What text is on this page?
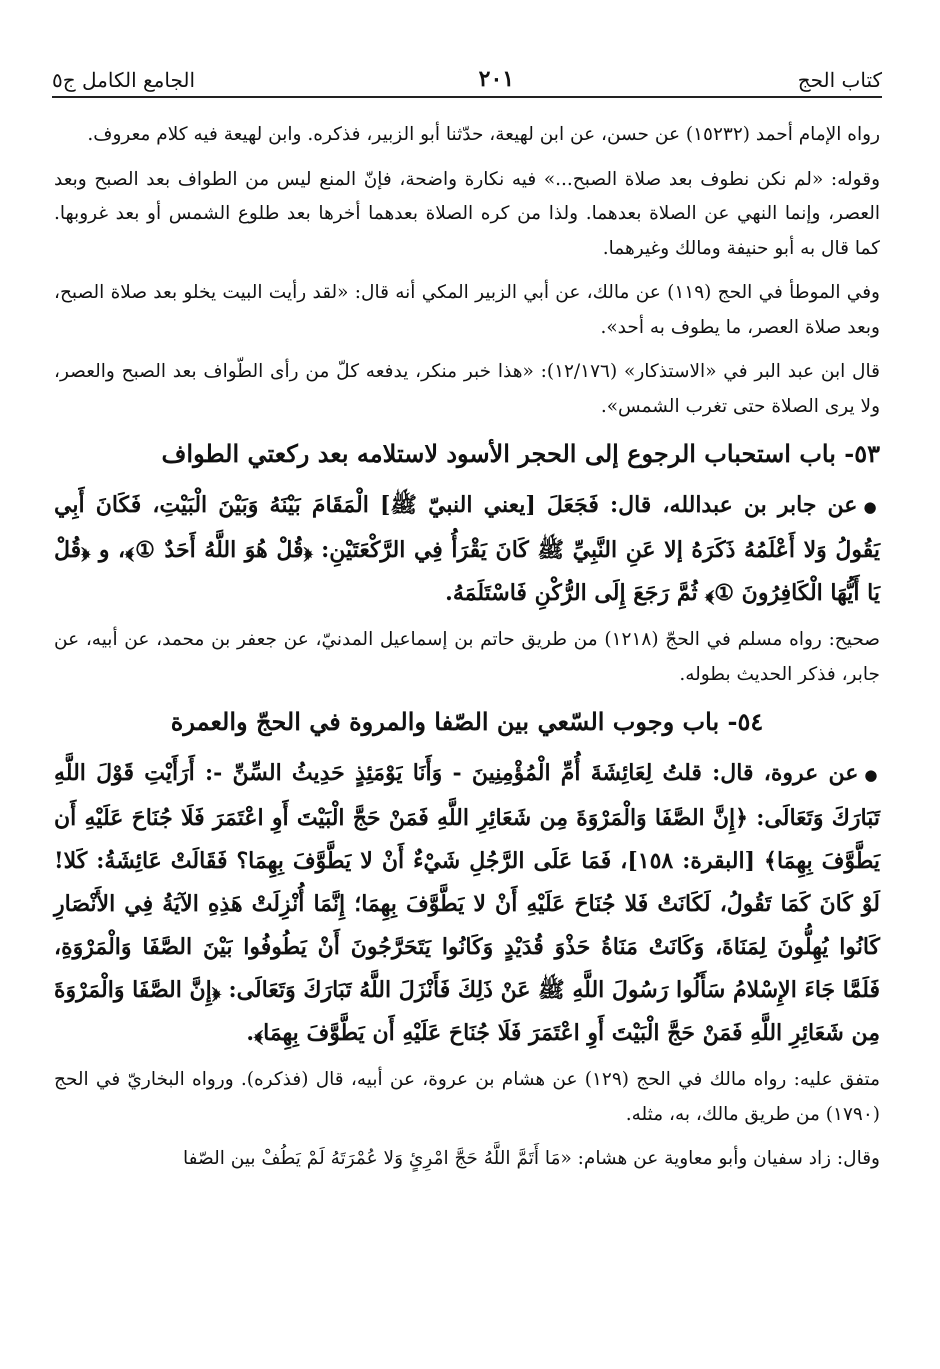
كتاب الحج
٢٠١
الجامع الكامل ج٥

رواه الإمام أحمد (١٥٢٣٢) عن حسن، عن ابن لهيعة، حدّثنا أبو الزبير، فذكره. وابن لهيعة فيه كلام معروف.

وقوله: «لم نكن نطوف بعد صلاة الصبح...» فيه نكارة واضحة، فإنّ المنع ليس من الطواف بعد الصبح وبعد العصر، وإنما النهي عن الصلاة بعدهما. ولذا من كره الصلاة بعدهما أخرها بعد طلوع الشمس أو بعد غروبها. كما قال به أبو حنيفة ومالك وغيرهما.

وفي الموطأ في الحج (١١٩) عن مالك، عن أبي الزبير المكي أنه قال: «لقد رأيت البيت يخلو بعد صلاة الصبح، وبعد صلاة العصر، ما يطوف به أحد».

قال ابن عبد البر في «الاستذكار» (١٢/١٧٦): «هذا خبر منكر، يدفعه كلّ من رأى الطّواف بعد الصبح والعصر، ولا يرى الصلاة حتى تغرب الشمس».

٥٣- باب استحباب الرجوع إلى الحجر الأسود لاستلامه بعد ركعتي الطواف

●عن جابر بن عبدالله، قال: فَجَعَلَ [يعني النبيّ ﷺ] الْمَقَامَ بَيْنَهُ وَبَيْنَ الْبَيْتِ، فَكَانَ أَبِي يَقُولُ وَلا أَعْلَمُهُ ذَكَرَهُ إلا عَنِ النَّبِيِّ ﷺ كَانَ يَقْرَأُ فِي الرَّكْعَتَيْنِ: ﴿قُلْ هُوَ اللَّهُ أَحَدٌ ①﴾، و ﴿قُلْ يَا أَيُّهَا الْكَافِرُونَ ①﴾ ثُمَّ رَجَعَ إِلَى الرُّكْنِ فَاسْتَلَمَهُ.

صحيح: رواه مسلم في الحجّ (١٢١٨) من طريق حاتم بن إسماعيل المدنيّ، عن جعفر بن محمد، عن أبيه، عن جابر، فذكر الحديث بطوله.

٥٤- باب وجوب السّعي بين الصّفا والمروة في الحجّ والعمرة

●عن عروة، قال: قلتُ لِعَائِشَةَ أُمِّ الْمُؤْمِنِينَ - وَأَنَا يَوْمَئِذٍ حَدِيثُ السِّنِّ -: أَرَأَيْتِ قَوْلَ اللَّهِ تَبَارَكَ وَتَعَالَى: ﴿إِنَّ الصَّفَا وَالْمَرْوَةَ مِن شَعَائِرِ اللَّهِ فَمَنْ حَجَّ الْبَيْتَ أَوِ اعْتَمَرَ فَلَا جُنَاحَ عَلَيْهِ أَن يَطَّوَّفَ بِهِمَا﴾ [البقرة: ١٥٨]، فَمَا عَلَى الرَّجُلِ شَيْءٌ أَنْ لا يَطَّوَّفَ بِهِمَا؟ فَقَالَتْ عَائِشَةُ: كَلا! لَوْ كَانَ كَمَا تَقُولُ، لَكَانَتْ فَلا جُنَاحَ عَلَيْهِ أَنْ لا يَطَّوَّفَ بِهِمَا؛ إِنَّمَا أُنْزِلَتْ هَذِهِ الآيَةُ فِي الأَنْصَارِ كَانُوا يُهِلُّونَ لِمَنَاةَ، وَكَانَتْ مَنَاةُ حَذْوَ قُدَيْدٍ وَكَانُوا يَتَحَرَّجُونَ أَنْ يَطُوفُوا بَيْنَ الصَّفَا وَالْمَرْوَةِ، فَلَمَّا جَاءَ الإِسْلامُ سَأَلُوا رَسُولَ اللَّهِ ﷺ عَنْ ذَلِكَ فَأَنْزَلَ اللَّهُ تَبَارَكَ وَتَعَالَى: ﴿إِنَّ الصَّفَا وَالْمَرْوَةَ مِن شَعَائِرِ اللَّهِ فَمَنْ حَجَّ الْبَيْتَ أَوِ اعْتَمَرَ فَلَا جُنَاحَ عَلَيْهِ أَن يَطَّوَّفَ بِهِمَا﴾.

متفق عليه: رواه مالك في الحج (١٢٩) عن هشام بن عروة، عن أبيه، قال (فذكره). ورواه البخاريّ في الحج (١٧٩٠) من طريق مالك، به، مثله.

وقال: زاد سفيان وأبو معاوية عن هشام: «مَا أَتَمَّ اللَّهُ حَجَّ امْرِئٍ وَلا عُمْرَتَهُ لَمْ يَطُفْ بين الصّفا
